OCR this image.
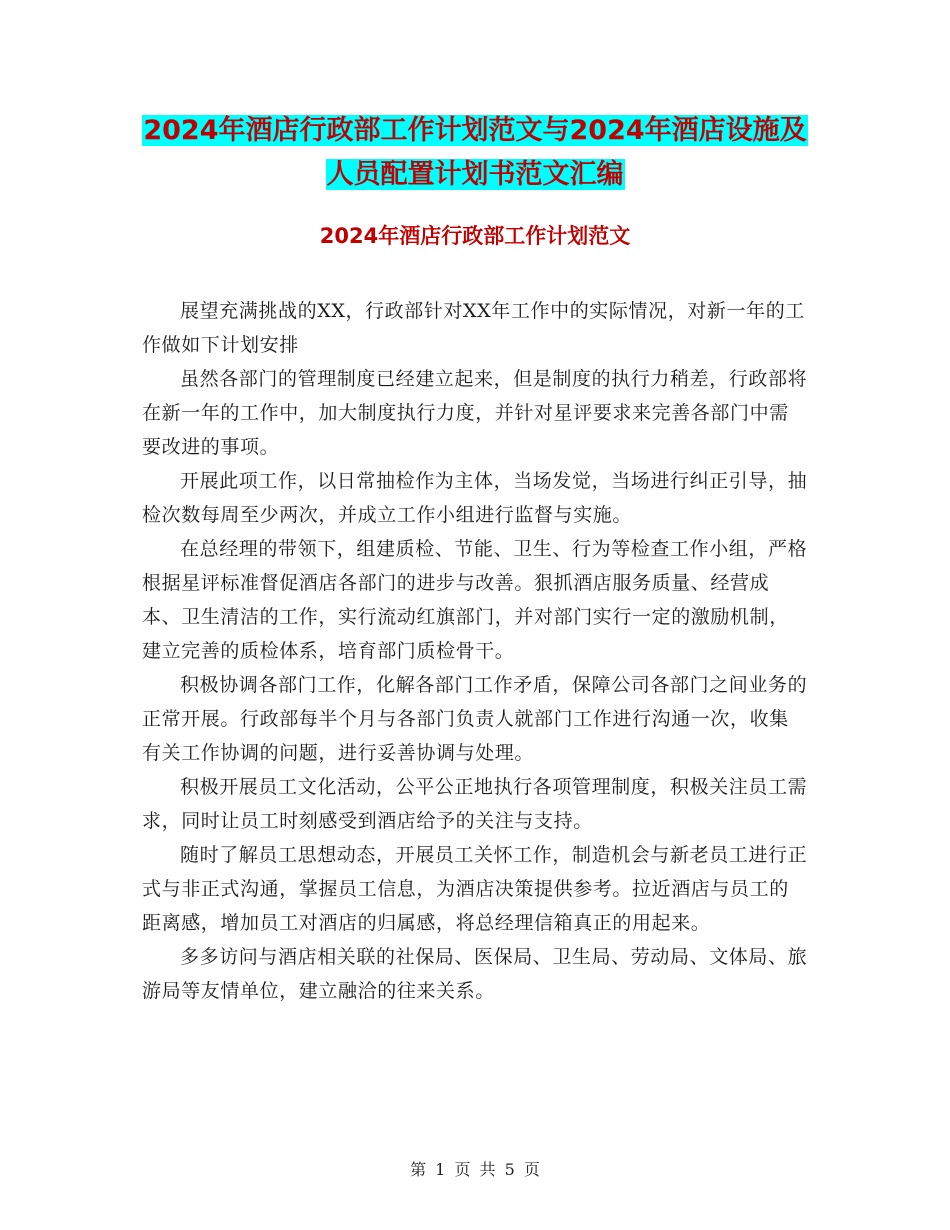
2024年酒店行政部工作计划范文与2024年酒店设施及
人员配置计划书范文汇编
2024年酒店行政部工作计划范文

展望充满挑战的XX，行政部针对XX年工作中的实际情况，对新一年的工作做如下计划安排

虽然各部门的管理制度已经建立起来，但是制度的执行力稍差，行政部将在新一年的工作中，加大制度执行力度，并针对星评要求来完善各部门中需要改进的事项。

开展此项工作，以日常抽检作为主体，当场发觉，当场进行纠正引导，抽检次数每周至少两次，并成立工作小组进行监督与实施。

在总经理的带领下，组建质检、节能、卫生、行为等检查工作小组，严格根据星评标准督促酒店各部门的进步与改善。狠抓酒店服务质量、经营成本、卫生清洁的工作，实行流动红旗部门，并对部门实行一定的激励机制，建立完善的质检体系，培育部门质检骨干。

积极协调各部门工作，化解各部门工作矛盾，保障公司各部门之间业务的正常开展。行政部每半个月与各部门负责人就部门工作进行沟通一次，收集有关工作协调的问题，进行妥善协调与处理。

积极开展员工文化活动，公平公正地执行各项管理制度，积极关注员工需求，同时让员工时刻感受到酒店给予的关注与支持。

随时了解员工思想动态，开展员工关怀工作，制造机会与新老员工进行正式与非正式沟通，掌握员工信息，为酒店决策提供参考。拉近酒店与员工的距离感，增加员工对酒店的归属感，将总经理信箱真正的用起来。

多多访问与酒店相关联的社保局、医保局、卫生局、劳动局、文体局、旅游局等友情单位，建立融洽的往来关系。

第 1 页 共 5 页
